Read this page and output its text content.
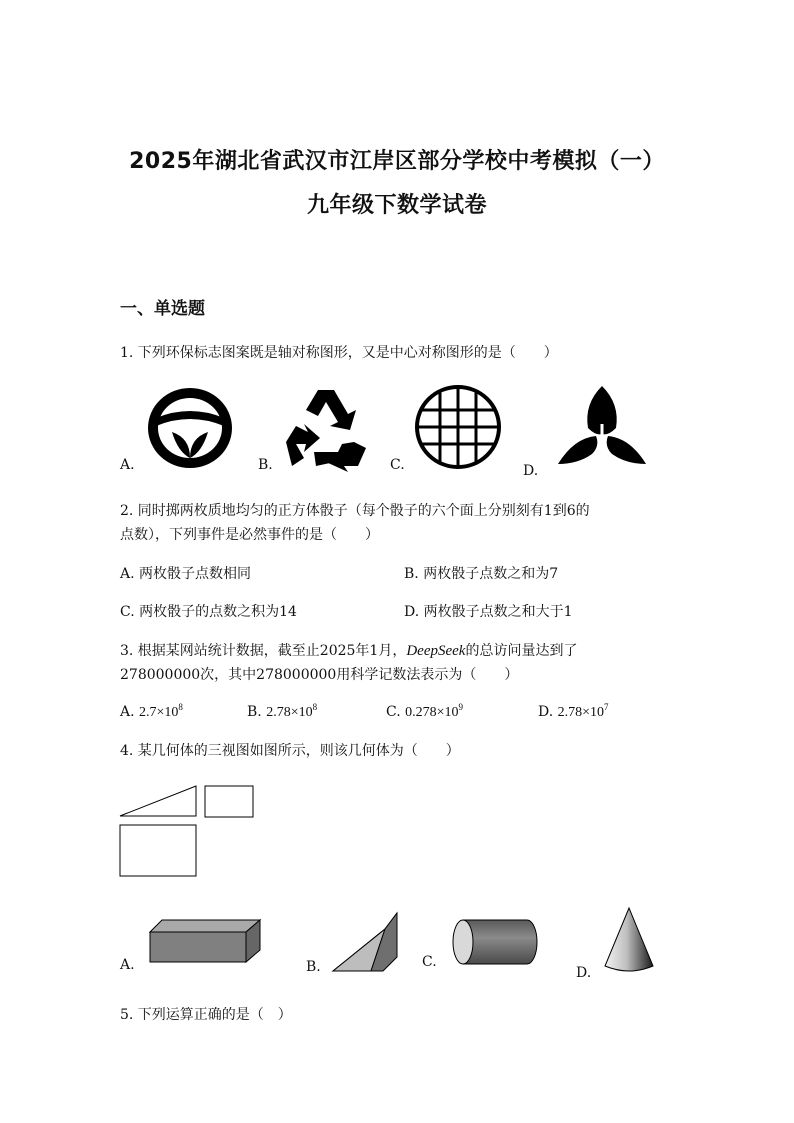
2025年湖北省武汉市江岸区部分学校中考模拟（一）
九年级下数学试卷
一、单选题
1. 下列环保标志图案既是轴对称图形，又是中心对称图形的是（　　）
A.	B.	C.	D.
2. 同时掷两枚质地均匀的正方体骰子（每个骰子的六个面上分别刻有1到6的
点数），下列事件是必然事件的是（　　）
A. 两枚骰子点数相同	B. 两枚骰子点数之和为7
C. 两枚骰子的点数之积为14	D. 两枚骰子点数之和大于1
3. 根据某网站统计数据，截至止2025年1月，DeepSeek的总访问量达到了
278000000次，其中278000000用科学记数法表示为（　　）
A. $2.7\times 10^8$	B. $2.78\times 10^8$	C. $0.278\times 10^9$	D. $2.78\times 10^7$
4. 某几何体的三视图如图所示，则该几何体为（　　）
A.	B.	C.
D.
5. 下列运算正确的是（　）
